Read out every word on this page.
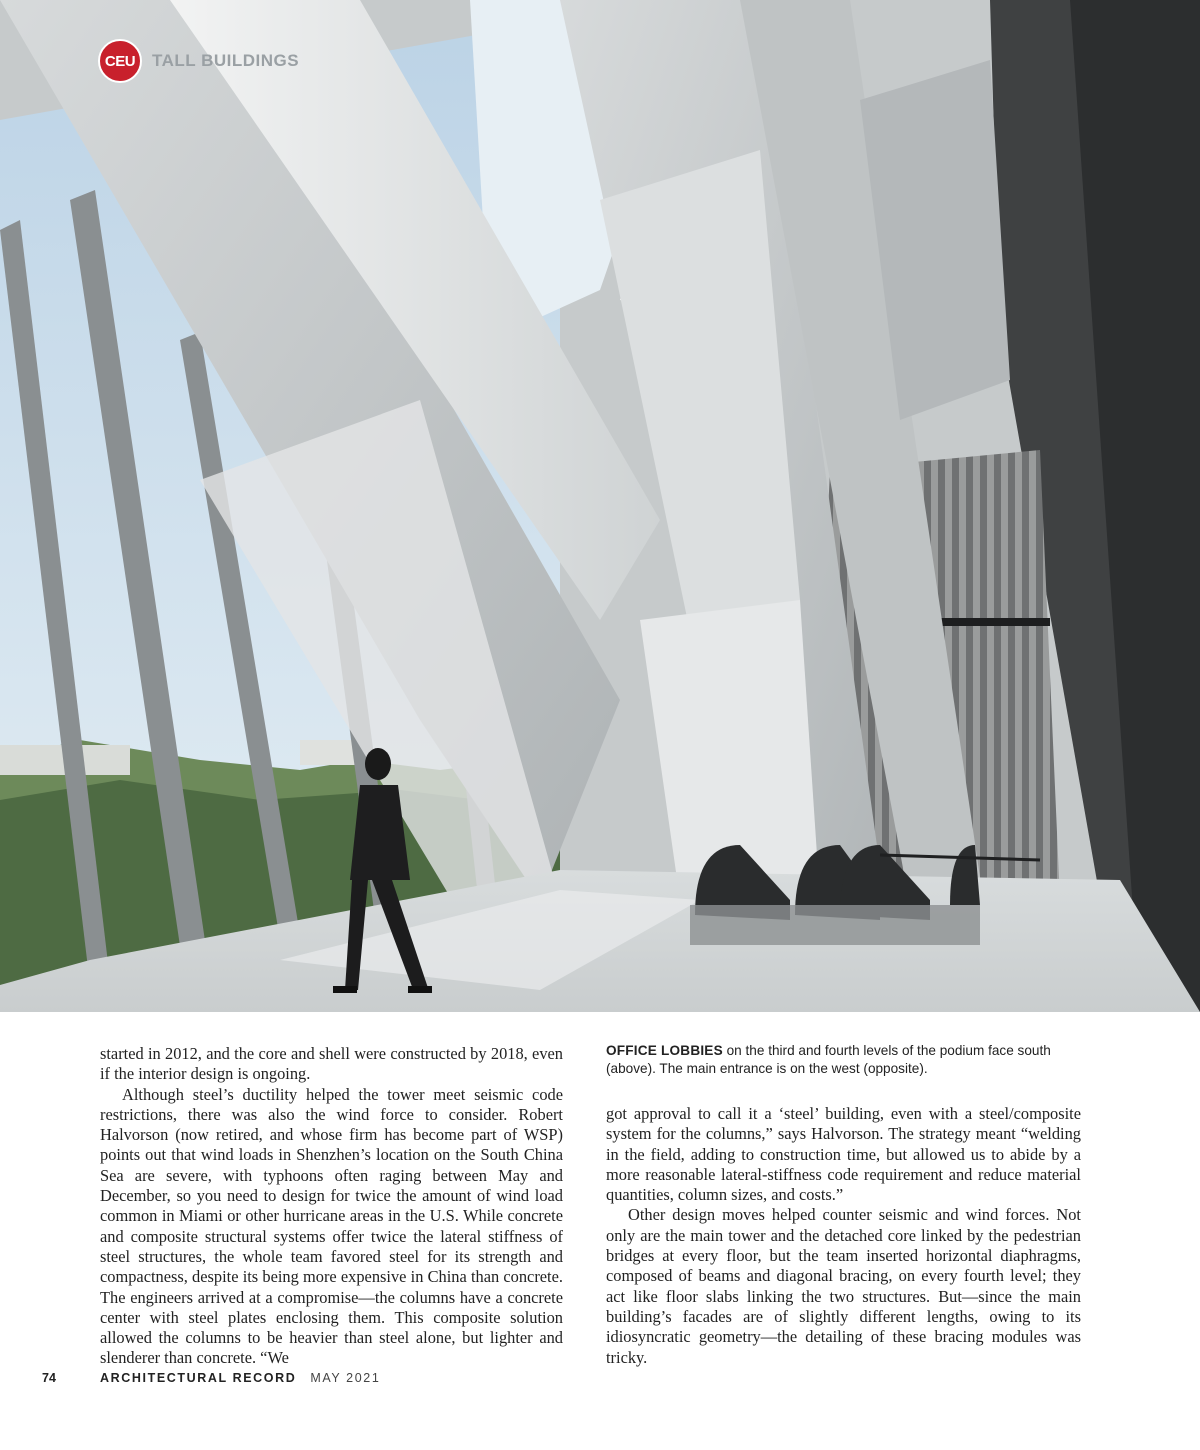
CEU TALL BUILDINGS
OFFICE LOBBIES on the third and fourth levels of the podium face south (above). The main entrance is on the west (opposite).

started in 2012, and the core and shell were constructed by 2018, even if the interior design is ongoing.

Although steel’s ductility helped the tower meet seismic code restrictions, there was also the wind force to consider. Robert Halvorson (now retired, and whose firm has become part of WSP) points out that wind loads in Shenzhen’s location on the South China Sea are severe, with typhoons often raging between May and December, so you need to design for twice the amount of wind load common in Miami or other hurricane areas in the U.S. While concrete and composite structural systems offer twice the lateral stiffness of steel structures, the whole team favored steel for its strength and compactness, despite its being more expensive in China than concrete. The engineers arrived at a compromise—the columns have a concrete center with steel plates enclosing them. This composite solution allowed the columns to be heavier than steel alone, but lighter and slenderer than concrete. “We

got approval to call it a ‘steel’ building, even with a steel/composite system for the columns,” says Halvorson. The strategy meant “welding in the field, adding to construction time, but allowed us to abide by a more reasonable lateral-stiffness code requirement and reduce material quantities, column sizes, and costs.”

Other design moves helped counter seismic and wind forces. Not only are the main tower and the detached core linked by the pedestrian bridges at every floor, but the team inserted horizontal diaphragms, composed of beams and diagonal bracing, on every fourth level; they act like floor slabs linking the two structures. But—since the main building’s facades are of slightly different lengths, owing to its idiosyncratic geometry—the detailing of these bracing modules was tricky.

74	ARCHITECTURAL RECORD MAY 2021
